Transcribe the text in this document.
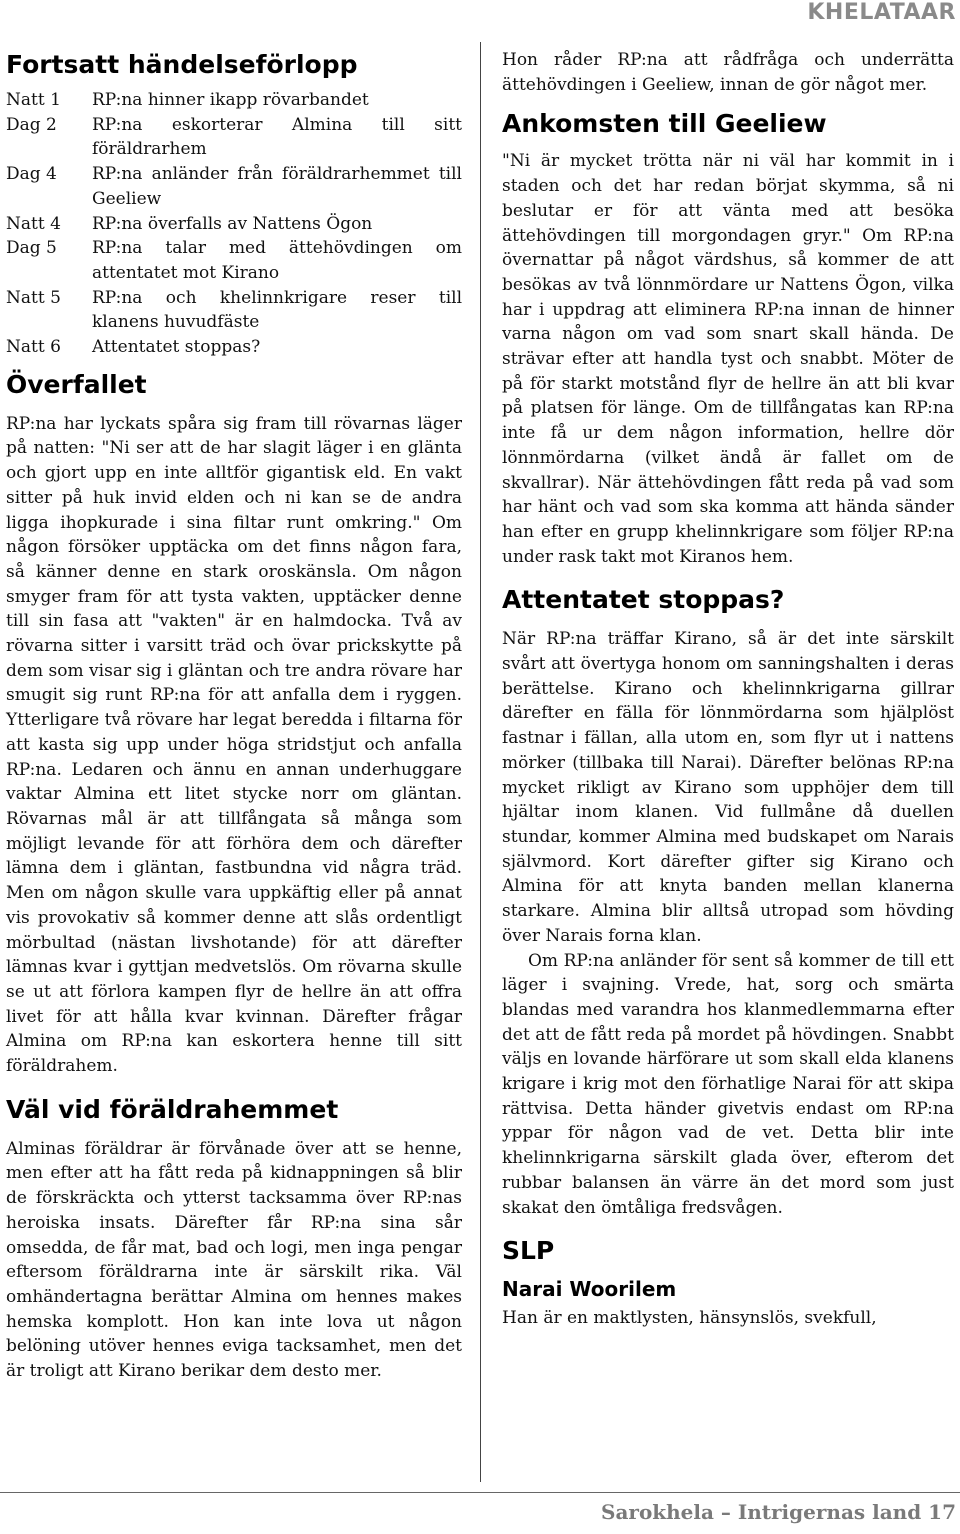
KHELATAAR
Fortsatt händelseförlopp
Natt 1	RP:na hinner ikapp rövarbandet
Dag 2	RP:na eskorterar Almina till sitt föräldrarhem
Dag 4	RP:na anländer från föräldrarhemmet till Geeliew
Natt 4	RP:na överfalls av Nattens Ögon
Dag 5	RP:na talar med ättehövdingen om attentatet mot Kirano
Natt 5	RP:na och khelinnkrigare reser till klanens huvudfäste
Natt 6	Attentatet stoppas?
Överfallet

RP:na har lyckats spåra sig fram till rövarnas läger på natten: "Ni ser att de har slagit läger i en glänta och gjort upp en inte alltför gigantisk eld. En vakt sitter på huk invid elden och ni kan se de andra ligga ihopkurade i sina filtar runt omkring." Om någon försöker upptäcka om det finns någon fara, så känner denne en stark oroskänsla. Om någon smyger fram för att tysta vakten, upptäcker denne till sin fasa att "vakten" är en halmdocka. Två av rövarna sitter i varsitt träd och övar prickskytte på dem som visar sig i gläntan och tre andra rövare har smugit sig runt RP:na för att anfalla dem i ryggen. Ytterligare två rövare har legat beredda i filtarna för att kasta sig upp under höga stridstjut och anfalla RP:na. Ledaren och ännu en annan underhuggare vaktar Almina ett litet stycke norr om gläntan. Rövarnas mål är att tillfångata så många som möjligt levande för att förhöra dem och därefter lämna dem i gläntan, fastbundna vid några träd. Men om någon skulle vara uppkäftig eller på annat vis provokativ så kommer denne att slås ordentligt mörbultad (nästan livshotande) för att därefter lämnas kvar i gyttjan medvetslös. Om rövarna skulle se ut att förlora kampen flyr de hellre än att offra livet för att hålla kvar kvinnan. Därefter frågar Almina om RP:na kan eskortera henne till sitt föräldrahem.

Väl vid föräldrahemmet

Alminas föräldrar är förvånade över att se henne, men efter att ha fått reda på kidnappningen så blir de förskräckta och ytterst tacksamma över RP:nas heroiska insats. Därefter får RP:na sina sår omsedda, de får mat, bad och logi, men inga pengar eftersom föräldrarna inte är särskilt rika. Väl omhändertagna berättar Almina om hennes makes hemska komplott. Hon kan inte lova ut någon belöning utöver hennes eviga tacksamhet, men det är troligt att Kirano berikar dem desto mer.

Hon råder RP:na att rådfråga och underrätta ättehövdingen i Geeliew, innan de gör något mer.

Ankomsten till Geeliew

"Ni är mycket trötta när ni väl har kommit in i staden och det har redan börjat skymma, så ni beslutar er för att vänta med att besöka ättehövdingen till morgondagen gryr." Om RP:na övernattar på något värdshus, så kommer de att besökas av två lönnmördare ur Nattens Ögon, vilka har i uppdrag att eliminera RP:na innan de hinner varna någon om vad som snart skall hända. De strävar efter att handla tyst och snabbt. Möter de på för starkt motstånd flyr de hellre än att bli kvar på platsen för länge. Om de tillfångatas kan RP:na inte få ur dem någon information, hellre dör lönnmördarna (vilket ändå är fallet om de skvallrar). När ättehövdingen fått reda på vad som har hänt och vad som ska komma att hända sänder han efter en grupp khelinnkrigare som följer RP:na under rask takt mot Kiranos hem.

Attentatet stoppas?

När RP:na träffar Kirano, så är det inte särskilt svårt att övertyga honom om sanningshalten i deras berättelse. Kirano och khelinnkrigarna gillrar därefter en fälla för lönnmördarna som hjälplöst fastnar i fällan, alla utom en, som flyr ut i nattens mörker (tillbaka till Narai). Därefter belönas RP:na mycket rikligt av Kirano som upphöjer dem till hjältar inom klanen. Vid fullmåne då duellen stundar, kommer Almina med budskapet om Narais självmord. Kort därefter gifter sig Kirano och Almina för att knyta banden mellan klanerna starkare. Almina blir alltså utropad som hövding över Narais forna klan.

Om RP:na anländer för sent så kommer de till ett läger i svajning. Vrede, hat, sorg och smärta blandas med varandra hos klanmedlemmarna efter det att de fått reda på mordet på hövdingen. Snabbt väljs en lovande härförare ut som skall elda klanens krigare i krig mot den förhatlige Narai för att skipa rättvisa. Detta händer givetvis endast om RP:na yppar för någon vad de vet. Detta blir inte khelinnkrigarna särskilt glada över, efterom det rubbar balansen än värre än det mord som just skakat den ömtåliga fredsvågen.

SLP
Narai Woorilem

Han är en maktlysten, hänsynslös, svekfull,

Sarokhela – Intrigernas land 17
